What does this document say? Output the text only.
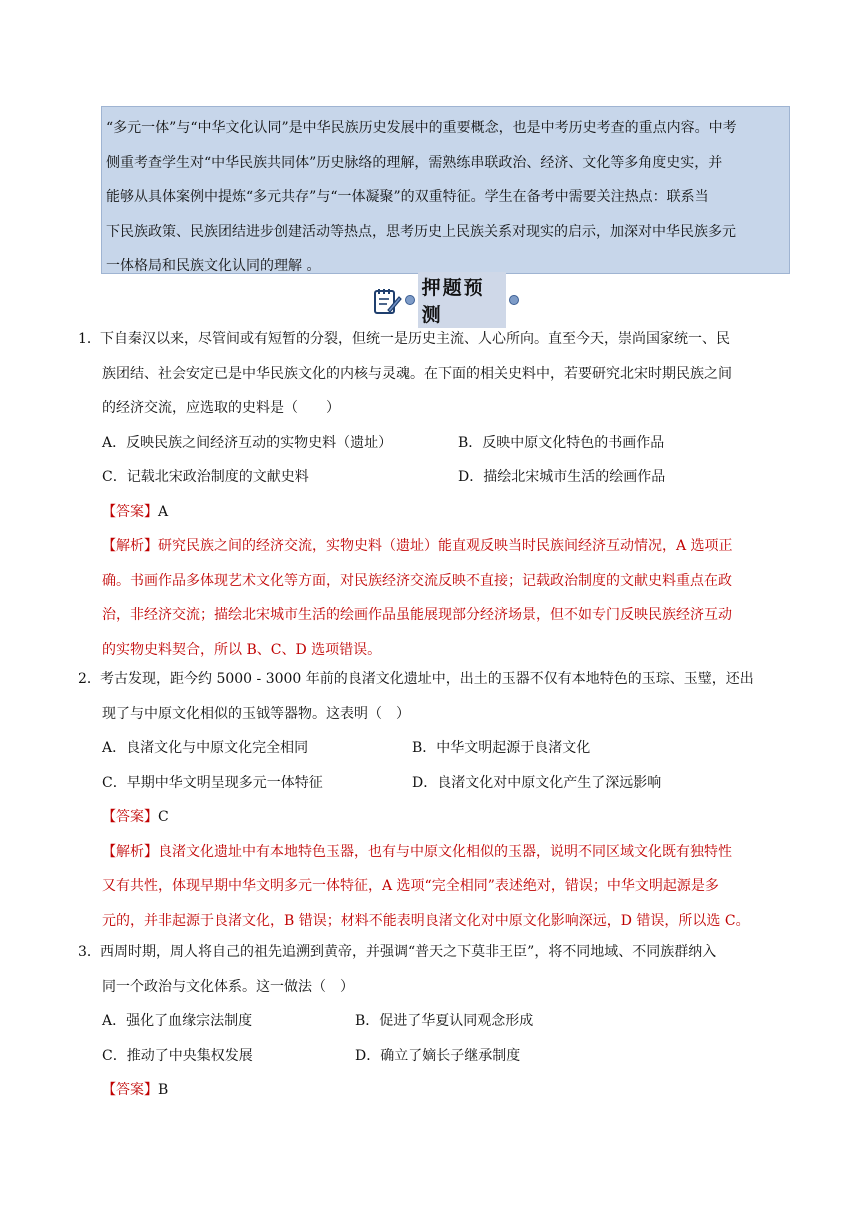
“多元一体”与“中华文化认同”是中华民族历史发展中的重要概念，也是中考历史考查的重点内容。中考

侧重考查学生对“中华民族共同体”历史脉络的理解，需熟练串联政治、经济、文化等多角度史实，并

能够从具体案例中提炼“多元共存”与“一体凝聚”的双重特征。学生在备考中需要关注热点：联系当

下民族政策、民族团结进步创建活动等热点，思考历史上民族关系对现实的启示，加深对中华民族多元

一体格局和民族文化认同的理解 。

押题预测

1．下自秦汉以来，尽管间或有短暂的分裂，但统一是历史主流、人心所向。直至今天，崇尚国家统一、民

族团结、社会安定已是中华民族文化的内核与灵魂。在下面的相关史料中，若要研究北宋时期民族之间

的经济交流，应选取的史料是（　　）

A．反映民族之间经济互动的实物史料（遗址）	B．反映中原文化特色的书画作品
C．记载北宋政治制度的文献史料	D．描绘北宋城市生活的绘画作品

【答案】A

【解析】研究民族之间的经济交流，实物史料（遗址）能直观反映当时民族间经济互动情况，A 选项正

确。书画作品多体现艺术文化等方面，对民族经济交流反映不直接；记载政治制度的文献史料重点在政

治，非经济交流；描绘北宋城市生活的绘画作品虽能展现部分经济场景，但不如专门反映民族经济互动

的实物史料契合，所以 B、C、D 选项错误。

2．考古发现，距今约 5000 - 3000 年前的良渚文化遗址中，出土的玉器不仅有本地特色的玉琮、玉璧，还出

现了与中原文化相似的玉钺等器物。这表明（　）

A．良渚文化与中原文化完全相同	B．中华文明起源于良渚文化
C．早期中华文明呈现多元一体特征	D．良渚文化对中原文化产生了深远影响

【答案】C

【解析】良渚文化遗址中有本地特色玉器，也有与中原文化相似的玉器，说明不同区域文化既有独特性

又有共性，体现早期中华文明多元一体特征，A 选项“完全相同”表述绝对，错误；中华文明起源是多

元的，并非起源于良渚文化，B 错误；材料不能表明良渚文化对中原文化影响深远，D 错误，所以选 C。

3．西周时期，周人将自己的祖先追溯到黄帝，并强调“普天之下莫非王臣”，将不同地域、不同族群纳入

同一个政治与文化体系。这一做法（　）

A．强化了血缘宗法制度	B．促进了华夏认同观念形成
C．推动了中央集权发展	D．确立了嫡长子继承制度

【答案】B
